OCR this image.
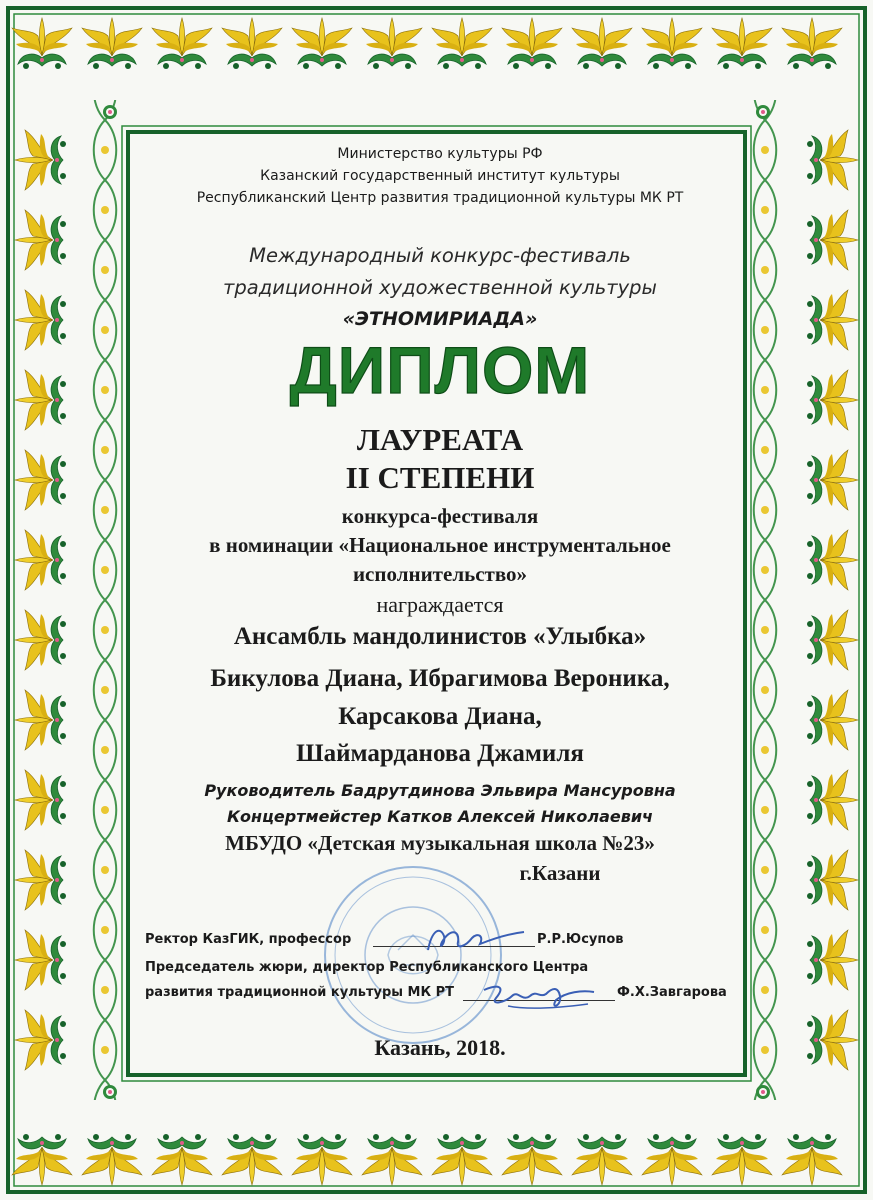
Министерство культуры РФ
Казанский государственный институт культуры
Республиканский Центр развития традиционной культуры МК РТ
Международный конкурс-фестиваль
традиционной художественной культуры
«ЭТНОМИРИАДА»
ДИПЛОМ
ЛАУРЕАТА
II СТЕПЕНИ
конкурса-фестиваля
в номинации «Национальное инструментальное
исполнительство»
награждается
Ансамбль мандолинистов «Улыбка»
Бикулова Диана, Ибрагимова Вероника,
Карсакова Диана,
Шаймарданова Джамиля
Руководитель Бадрутдинова Эльвира Мансуровна
Концертмейстер Катков Алексей Николаевич
МБУДО «Детская музыкальная школа №23»
г.Казани
Ректор КазГИК, профессор	Р.Р.Юсупов
Председатель жюри, директор Республиканского Центра
развития традиционной культуры МК РТ	Ф.Х.Завгарова
Казань, 2018.
